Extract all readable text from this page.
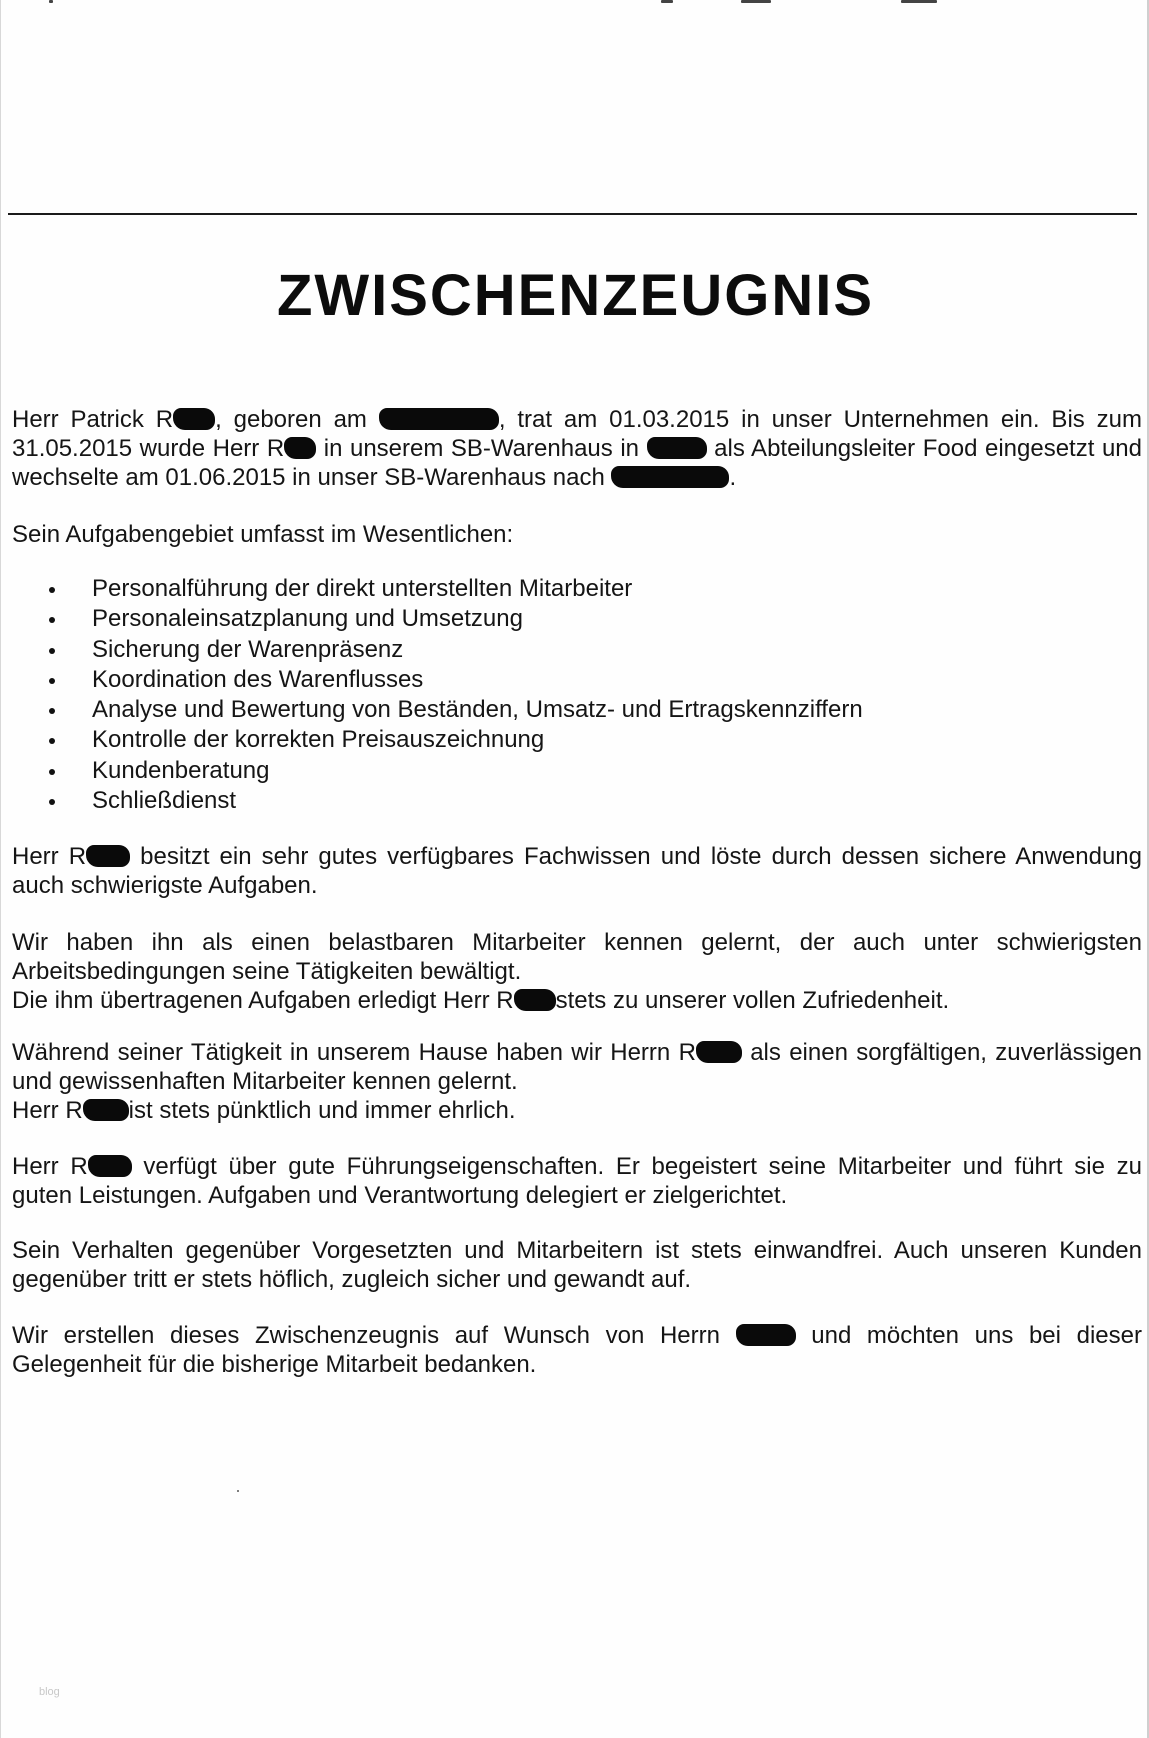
ZWISCHENZEUGNIS

Herr Patrick R , geboren am	, trat am 01.03.2015 in unser Unternehmen ein. Bis zum 31.05.2015 wurde Herr R in unserem SB-Warenhaus in	als Abteilungsleiter Food eingesetzt und wechselte am 01.06.2015 in unser SB-Warenhaus nach	.

Sein Aufgabengebiet umfasst im Wesentlichen:

Personalführung der direkt unterstellten Mitarbeiter
Personaleinsatzplanung und Umsetzung
Sicherung der Warenpräsenz
Koordination des Warenflusses
Analyse und Bewertung von Beständen, Umsatz- und Ertragskennziffern
Kontrolle der korrekten Preisauszeichnung
Kundenberatung
Schließdienst

Herr R besitzt ein sehr gutes verfügbares Fachwissen und löste durch dessen sichere Anwendung auch schwierigste Aufgaben.

Wir haben ihn als einen belastbaren Mitarbeiter kennen gelernt, der auch unter schwierigsten Arbeitsbedingungen seine Tätigkeiten bewältigt.

Die ihm übertragenen Aufgaben erledigt Herr R stets zu unserer vollen Zufriedenheit.

Während seiner Tätigkeit in unserem Hause haben wir Herrn R als einen sorgfältigen, zuverlässigen und gewissenhaften Mitarbeiter kennen gelernt.

Herr R ist stets pünktlich und immer ehrlich.

Herr R verfügt über gute Führungseigenschaften. Er begeistert seine Mitarbeiter und führt sie zu guten Leistungen. Aufgaben und Verantwortung delegiert er zielgerichtet.

Sein Verhalten gegenüber Vorgesetzten und Mitarbeitern ist stets einwandfrei. Auch unseren Kunden gegenüber tritt er stets höflich, zugleich sicher und gewandt auf.

Wir erstellen dieses Zwischenzeugnis auf Wunsch von Herrn	und möchten uns bei dieser Gelegenheit für die bisherige Mitarbeit bedanken.

blog
